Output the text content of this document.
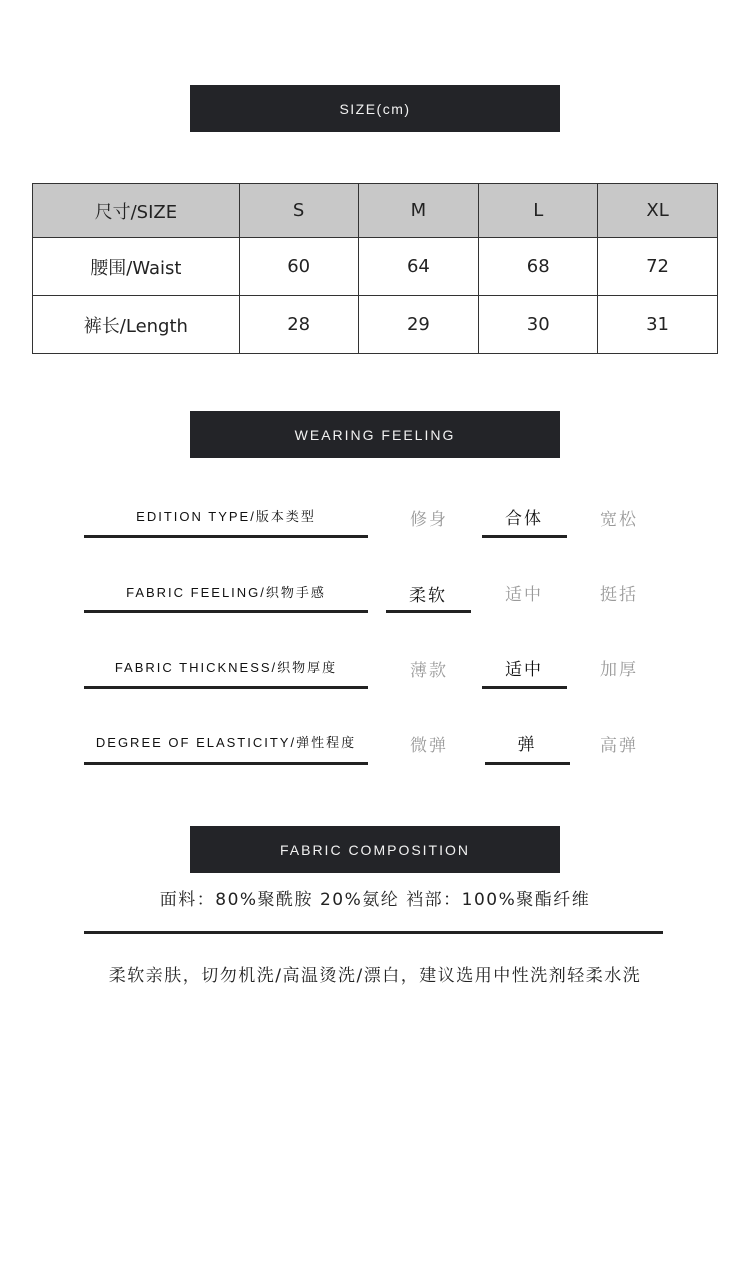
SIZE(cm)
尺寸/SIZE	S	M	L	XL
腰围/Waist	60	64	68	72
裤长/Length	28	29	30	31
WEARING FEELING
EDITION TYPE/版本类型	修身	合体	宽松
FABRIC FEELING/织物手感	柔软	适中	挺括
FABRIC THICKNESS/织物厚度	薄款	适中	加厚
DEGREE OF ELASTICITY/弹性程度	微弹	弹	高弹
FABRIC COMPOSITION
面料：80%聚酰胺 20%氨纶 裆部：100%聚酯纤维
柔软亲肤，切勿机洗/高温烫洗/漂白，建议选用中性洗剂轻柔水洗
